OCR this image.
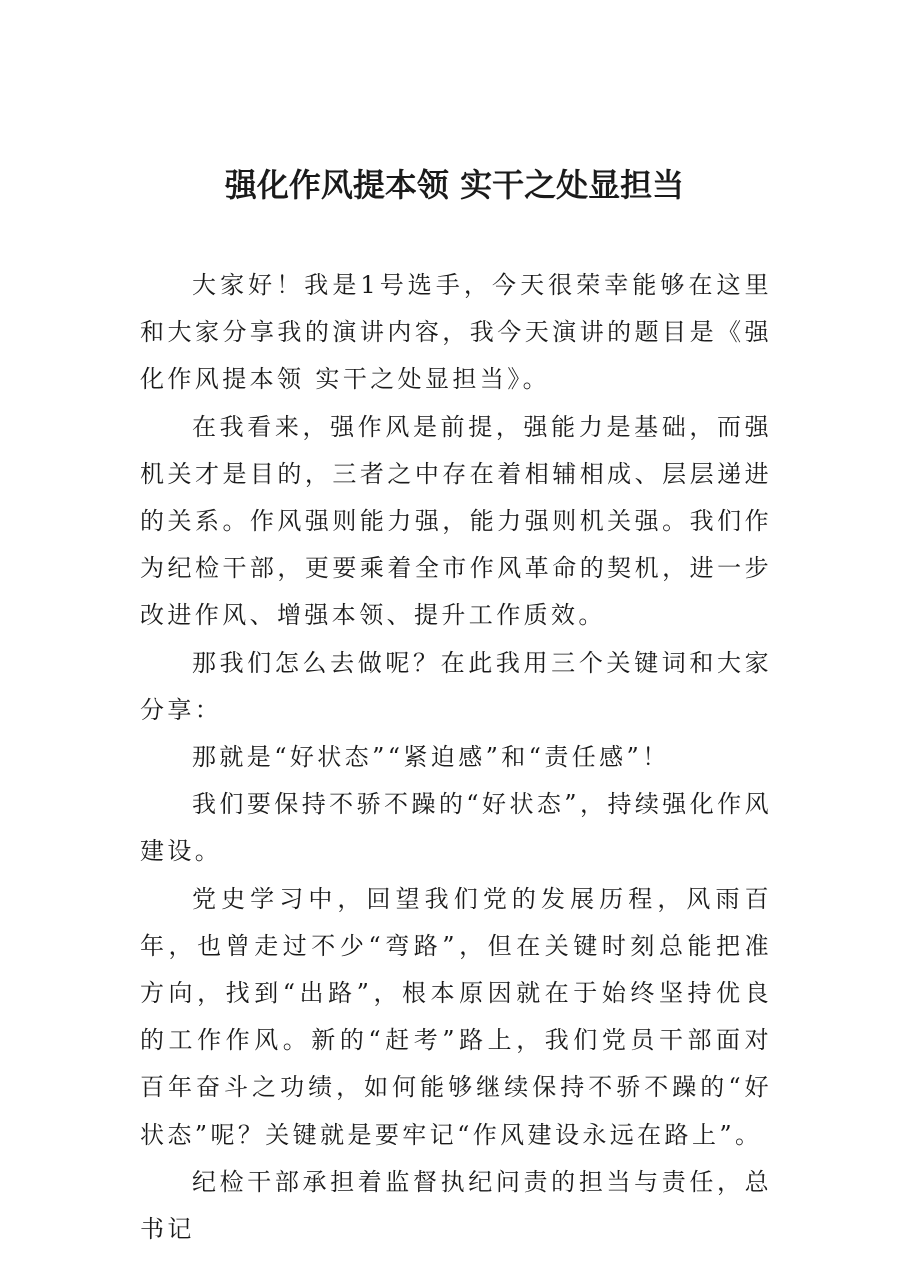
强化作风提本领 实干之处显担当

大家好！我是1号选手，今天很荣幸能够在这里和大家分享我的演讲内容，我今天演讲的题目是《强化作风提本领 实干之处显担当》。

在我看来，强作风是前提，强能力是基础，而强机关才是目的，三者之中存在着相辅相成、层层递进的关系。作风强则能力强，能力强则机关强。我们作为纪检干部，更要乘着全市作风革命的契机，进一步改进作风、增强本领、提升工作质效。

那我们怎么去做呢？在此我用三个关键词和大家分享：

那就是“好状态”“紧迫感”和“责任感”！

我们要保持不骄不躁的“好状态”，持续强化作风建设。

党史学习中，回望我们党的发展历程，风雨百年，也曾走过不少“弯路”，但在关键时刻总能把准方向，找到“出路”，根本原因就在于始终坚持优良的工作作风。新的“赶考”路上，我们党员干部面对百年奋斗之功绩，如何能够继续保持不骄不躁的“好状态”呢？关键就是要牢记“作风建设永远在路上”。

纪检干部承担着监督执纪问责的担当与责任，总书记
